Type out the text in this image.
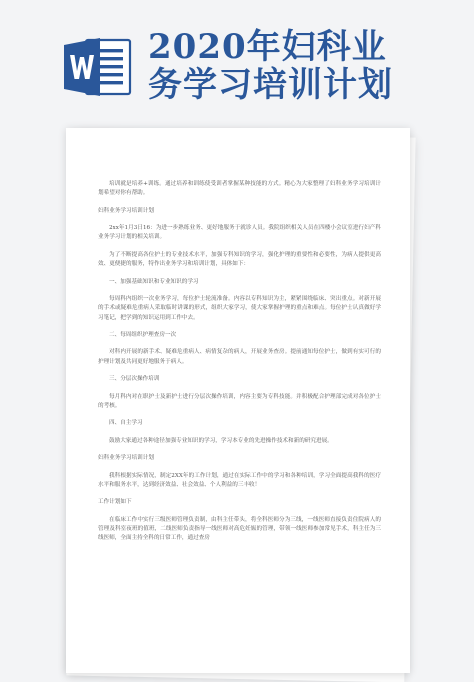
2020年妇科业
务学习培训计划

培训就是培养+训练。通过培养和训练使受训者掌握某种技能的方式。精心为大家整理了妇科业务学习培训计划希望对你有帮助。

妇科业务学习培训计划

2xx年1月3日16：为进一步熟练业务、更好地服务于就诊人员。我院组织相关人员在四楼小会议室进行妇产科业务学习计划的相关培训。

为了不断提高各位护士的专业技术水平，加强专科知识的学习，强化护理的重要性和必要性，为病人提供更高效、更便捷的服务，特作出业务学习和培训计划，具体如下：

一、加强基础知识和专业知识的学习

每周科内组织一次业务学习，每位护士轮流准备。内容以专科知识为主，紧紧围绕临床、突出重点。对新开展的手术或疑难危重病人采取临时讲课的形式，组织大家学习，使大家掌握护理的重点和难点。每位护士认真做好学习笔记，把学到的知识运用到工作中去。

二、每周组织护理查房一次

对科内开展的新手术、疑难危重病人、病情复杂的病人，开展业务查房。提前通知每位护士，做到有实可行的护理计划及共同更好地服务于病人。

三、分层次操作培训

每月科内对在职护士及新护士进行分层次操作培训，内容主要为专科技能。并积极配合护理部完成对各位护士的考核。

四、自主学习

鼓励大家通过各种途径加强专业知识的学习，学习本专业的先进操作技术和新的研究进展。

妇科业务学习培训计划

我科根据实际情况，制定2XX年的工作计划，通过在实际工作中的学习和各种培训，学习全面提高我科的医疗水平和服务水平，达到经济效益、社会效益、个人利益的三丰收！

工作计划如下

在临床工作中实行三级医师管理负责制，由科主任带头，将全科医师分为三线，一线医师直接负责住院病人的管理及科室夜班的值班，二线医师负责指导一线医师对高危妊娠的管理，带领一线医师参加常见手术，科主任为三线医师，全面主持全科的日常工作，通过查房
